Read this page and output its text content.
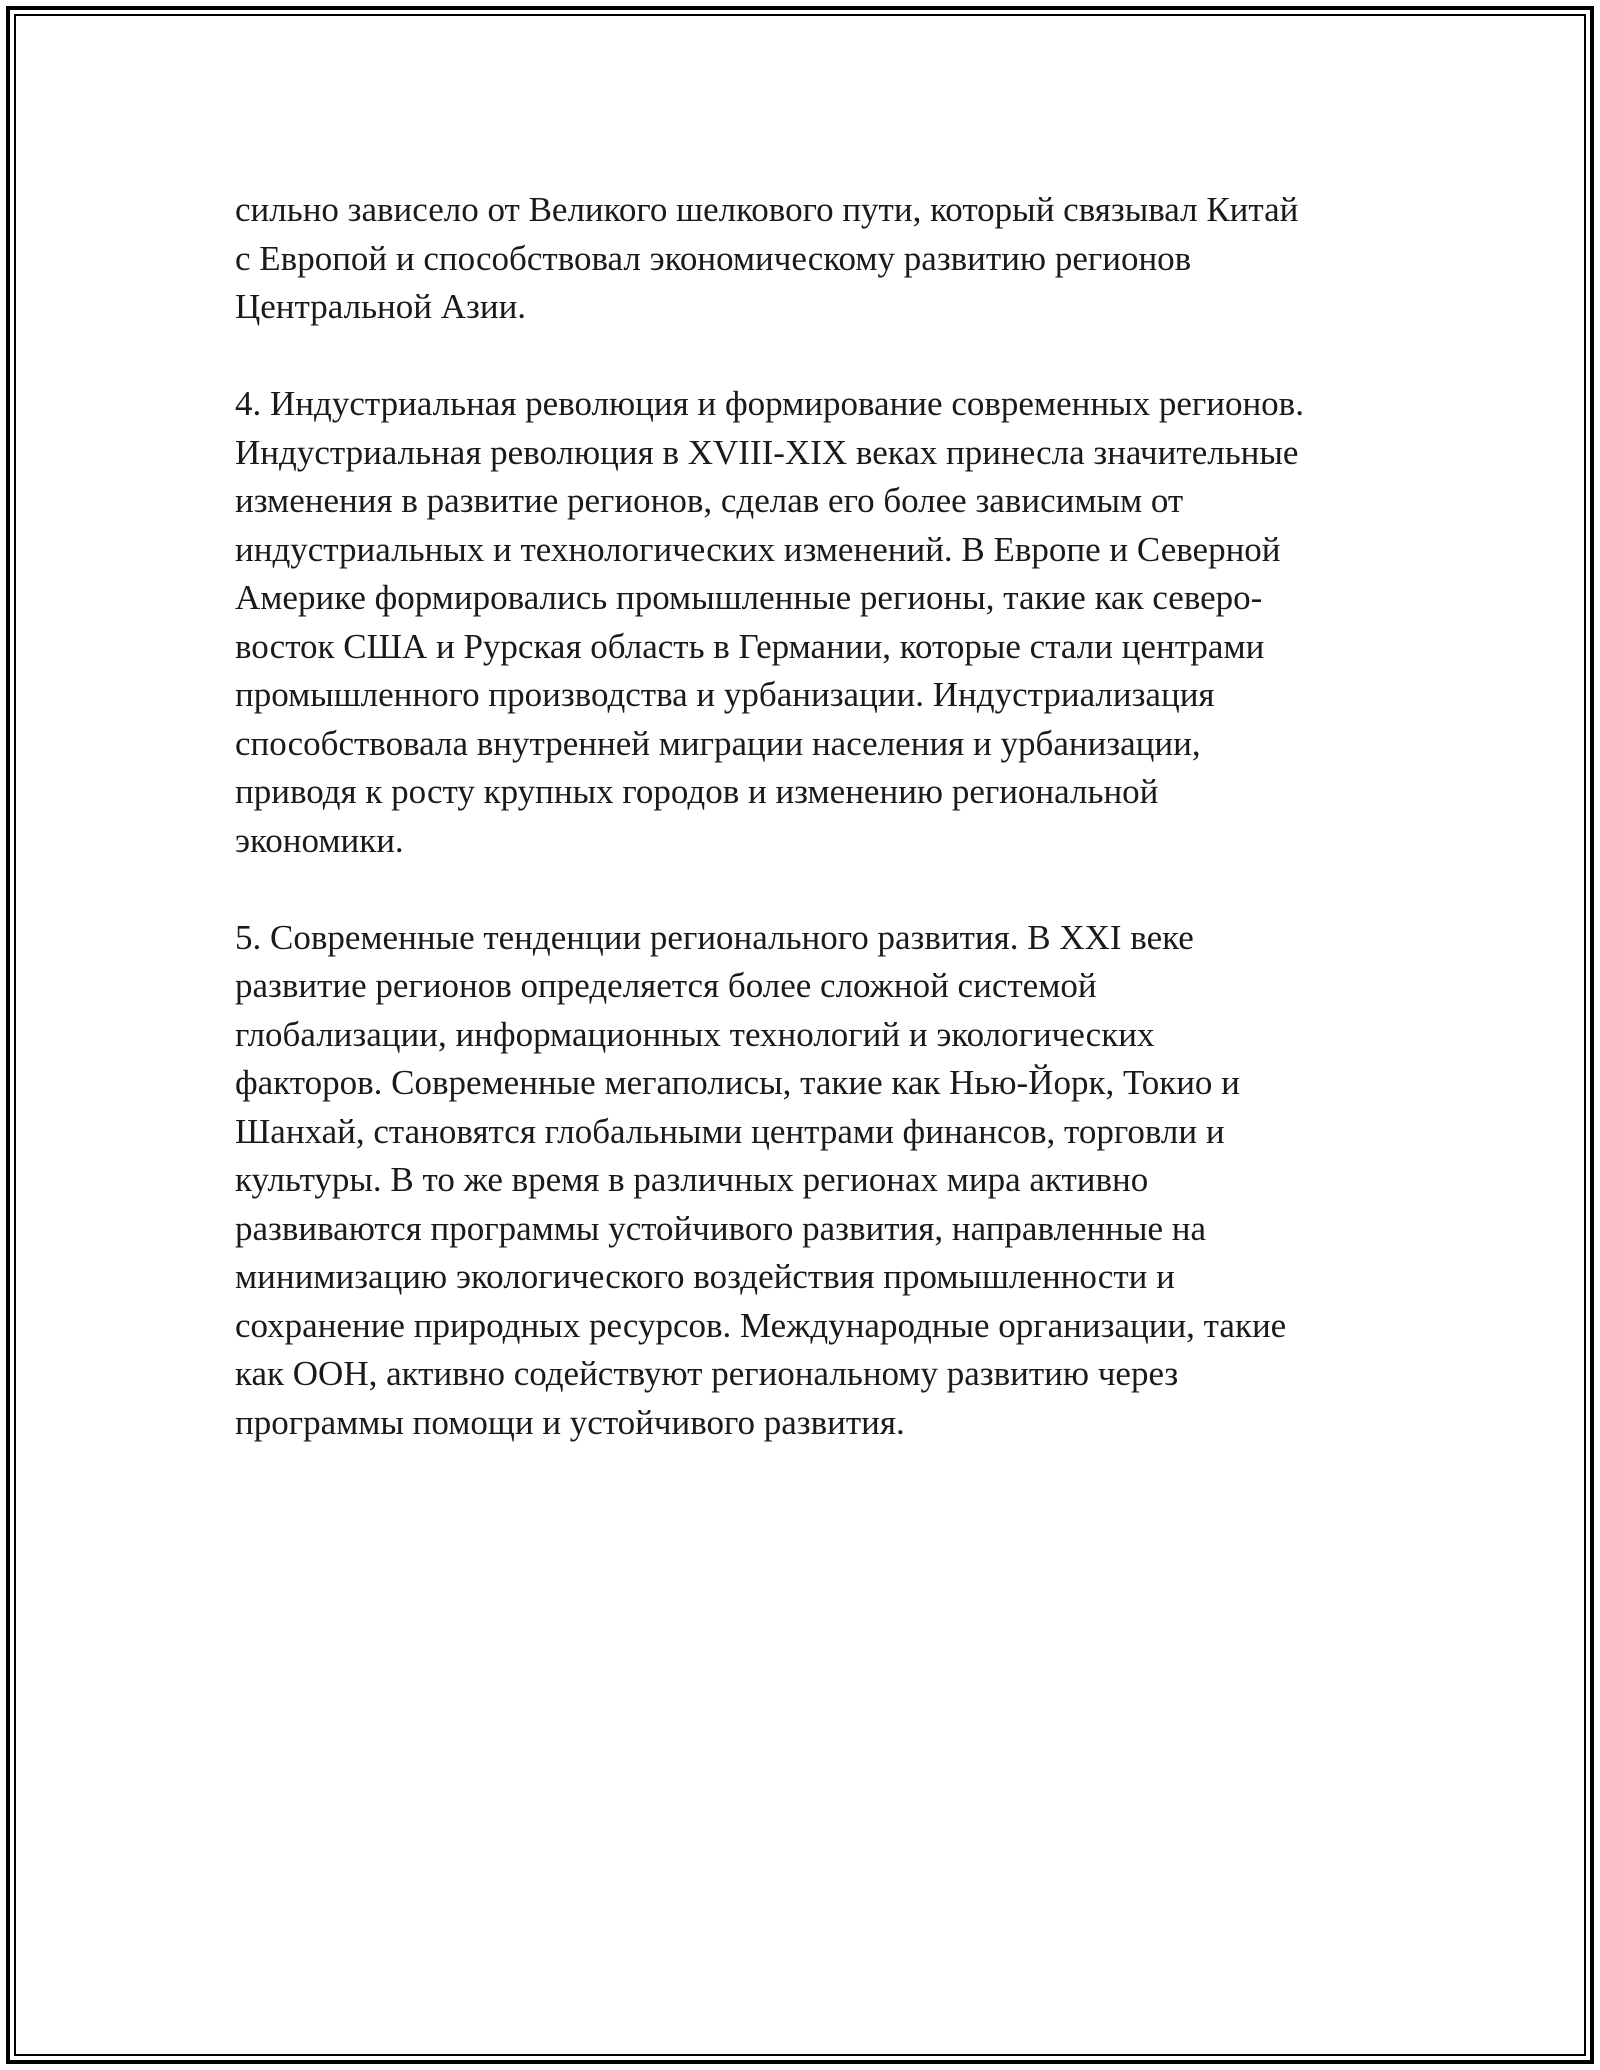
сильно зависело от Великого шелкового пути, который связывал Китай
с Европой и способствовал экономическому развитию регионов
Центральной Азии.

4. Индустриальная революция и формирование современных регионов.
Индустриальная революция в XVIII-XIX веках принесла значительные
изменения в развитие регионов, сделав его более зависимым от
индустриальных и технологических изменений. В Европе и Северной
Америке формировались промышленные регионы, такие как северо-
восток США и Рурская область в Германии, которые стали центрами
промышленного производства и урбанизации. Индустриализация
способствовала внутренней миграции населения и урбанизации,
приводя к росту крупных городов и изменению региональной
экономики.

5. Современные тенденции регионального развития. В XXI веке
развитие регионов определяется более сложной системой
глобализации, информационных технологий и экологических
факторов. Современные мегаполисы, такие как Нью-Йорк, Токио и
Шанхай, становятся глобальными центрами финансов, торговли и
культуры. В то же время в различных регионах мира активно
развиваются программы устойчивого развития, направленные на
минимизацию экологического воздействия промышленности и
сохранение природных ресурсов. Международные организации, такие
как ООН, активно содействуют региональному развитию через
программы помощи и устойчивого развития.
